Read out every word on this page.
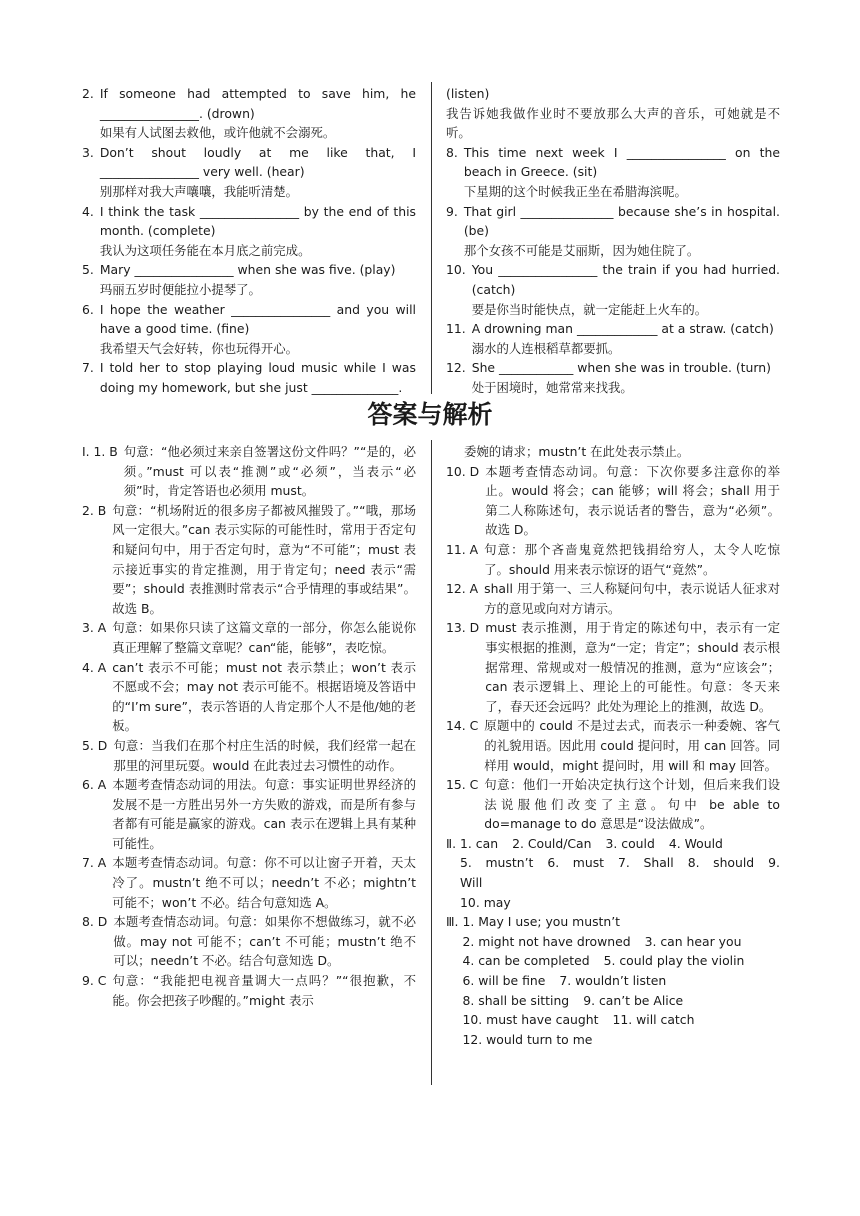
2. If someone had attempted to save him, he ________________. (drown)
如果有人试图去救他，或许他就不会溺死。
3. Don’t shout loudly at me like that, I ________________ very well. (hear)
别那样对我大声嚷嚷，我能听清楚。
4. I think the task ________________ by the end of this month. (complete)
我认为这项任务能在本月底之前完成。
5. Mary ________________ when she was five. (play)
玛丽五岁时便能拉小提琴了。
6. I hope the weather ________________ and you will have a good time. (fine)
我希望天气会好转，你也玩得开心。
7. I told her to stop playing loud music while I was doing my homework, but she just ______________.
(listen)
我告诉她我做作业时不要放那么大声的音乐，可她就是不听。
8. This time next week I ________________ on the beach in Greece. (sit)
下星期的这个时候我正坐在希腊海滨呢。
9. That girl _______________ because she’s in hospital. (be)
那个女孩不可能是艾丽斯，因为她住院了。
10. You ________________ the train if you had hurried. (catch)
要是你当时能快点，就一定能赶上火车的。
11. A drowning man _____________ at a straw. (catch)
溺水的人连根稻草都要抓。
12. She ____________ when she was in trouble. (turn)
处于困境时，她常常来找我。
答案与解析
Ⅰ. 1. B 句意：“他必须过来亲自签署这份文件吗？”“是的，必须。”must 可以表“推测”或“必须”，当表示“必须”时，肯定答语也必须用 must。
2. B 句意：“机场附近的很多房子都被风摧毁了。”“哦，那场风一定很大。”can 表示实际的可能性时，常用于否定句和疑问句中，用于否定句时，意为“不可能”；must 表示接近事实的肯定推测，用于肯定句；need 表示“需要”；should 表推测时常表示“合乎情理的事或结果”。故选 B。
3. A 句意：如果你只读了这篇文章的一部分，你怎么能说你真正理解了整篇文章呢？can“能，能够”，表吃惊。
4. A can’t 表示不可能；must not 表示禁止；won’t 表示不愿或不会；may not 表示可能不。根据语境及答语中的“I’m sure”，表示答语的人肯定那个人不是他/她的老板。
5. D 句意：当我们在那个村庄生活的时候，我们经常一起在那里的河里玩耍。would 在此表过去习惯性的动作。
6. A 本题考查情态动词的用法。句意：事实证明世界经济的发展不是一方胜出另外一方失败的游戏，而是所有参与者都有可能是赢家的游戏。can 表示在逻辑上具有某种可能性。
7. A 本题考查情态动词。句意：你不可以让窗子开着，天太冷了。mustn’t 绝不可以；needn’t 不必；mightn’t 可能不；won’t 不必。结合句意知选 A。
8. D 本题考查情态动词。句意：如果你不想做练习，就不必做。may not 可能不；can’t 不可能；mustn’t 绝不可以；needn’t 不必。结合句意知选 D。
9. C 句意：“我能把电视音量调大一点吗？”“很抱歉，不能。你会把孩子吵醒的。”might 表示
委婉的请求；mustn’t 在此处表示禁止。
10. D 本题考查情态动词。句意：下次你要多注意你的举止。would 将会；can 能够；will 将会；shall 用于第二人称陈述句，表示说话者的警告，意为“必须”。故选 D。
11. A 句意：那个吝啬鬼竟然把钱捐给穷人，太令人吃惊了。should 用来表示惊讶的语气“竟然”。
12. A shall 用于第一、三人称疑问句中，表示说话人征求对方的意见或向对方请示。
13. D must 表示推测，用于肯定的陈述句中，表示有一定事实根据的推测，意为“一定；肯定”；should 表示根据常理、常规或对一般情况的推测，意为“应该会”；can 表示逻辑上、理论上的可能性。句意：冬天来了，春天还会远吗？此处为理论上的推测，故选 D。
14. C 原题中的 could 不是过去式，而表示一种委婉、客气的礼貌用语。因此用 could 提问时，用 can 回答。同样用 would，might 提问时，用 will 和 may 回答。
15. C 句意：他们一开始决定执行这个计划，但后来我们设法说服他们改变了主意。句中 be able to do=manage to do 意思是“设法做成”。
Ⅱ. 1. can 2. Could/Can 3. could 4. Would
5. mustn’t 6. must 7. Shall 8. should 9. Will
10. may
Ⅲ. 1. May I use; you mustn’t
2. might not have drowned 3. can hear you
4. can be completed 5. could play the violin
6. will be fine 7. wouldn’t listen
8. shall be sitting 9. can’t be Alice
10. must have caught 11. will catch
12. would turn to me
